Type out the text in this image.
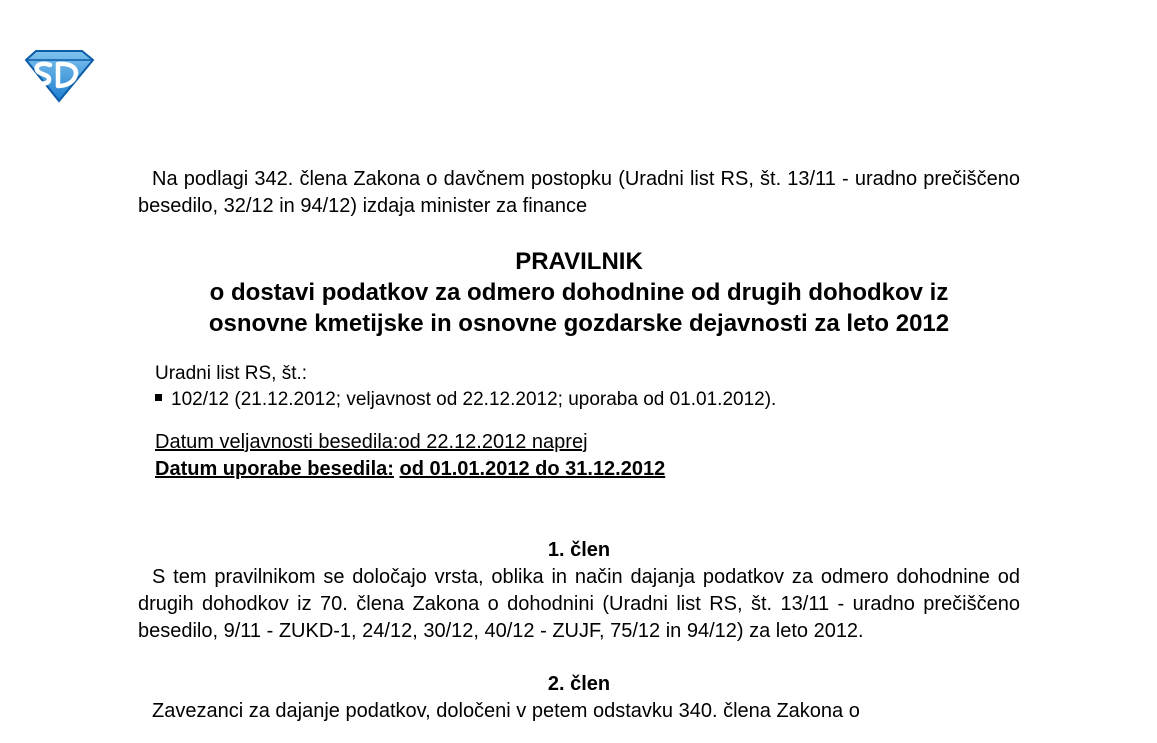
Na podlagi 342. člena Zakona o davčnem postopku (Uradni list RS, št. 13/11 - uradno prečiščeno besedilo, 32/12 in 94/12) izdaja minister za finance

PRAVILNIK
o dostavi podatkov za odmero dohodnine od drugih dohodkov iz
osnovne kmetijske in osnovne gozdarske dejavnosti za leto 2012
Uradni list RS, št.:
102/12 (21.12.2012; veljavnost od 22.12.2012; uporaba od 01.01.2012).
Datum veljavnosti besedila:od 22.12.2012 naprej
Datum uporabe besedila: od 01.01.2012 do 31.12.2012
1. člen

S tem pravilnikom se določajo vrsta, oblika in način dajanja podatkov za odmero dohodnine od drugih dohodkov iz 70. člena Zakona o dohodnini (Uradni list RS, št. 13/11 - uradno prečiščeno besedilo, 9/11 - ZUKD-1, 24/12, 30/12, 40/12 - ZUJF, 75/12 in 94/12) za leto 2012.

2. člen

Zavezanci za dajanje podatkov, določeni v petem odstavku 340. člena Zakona o
